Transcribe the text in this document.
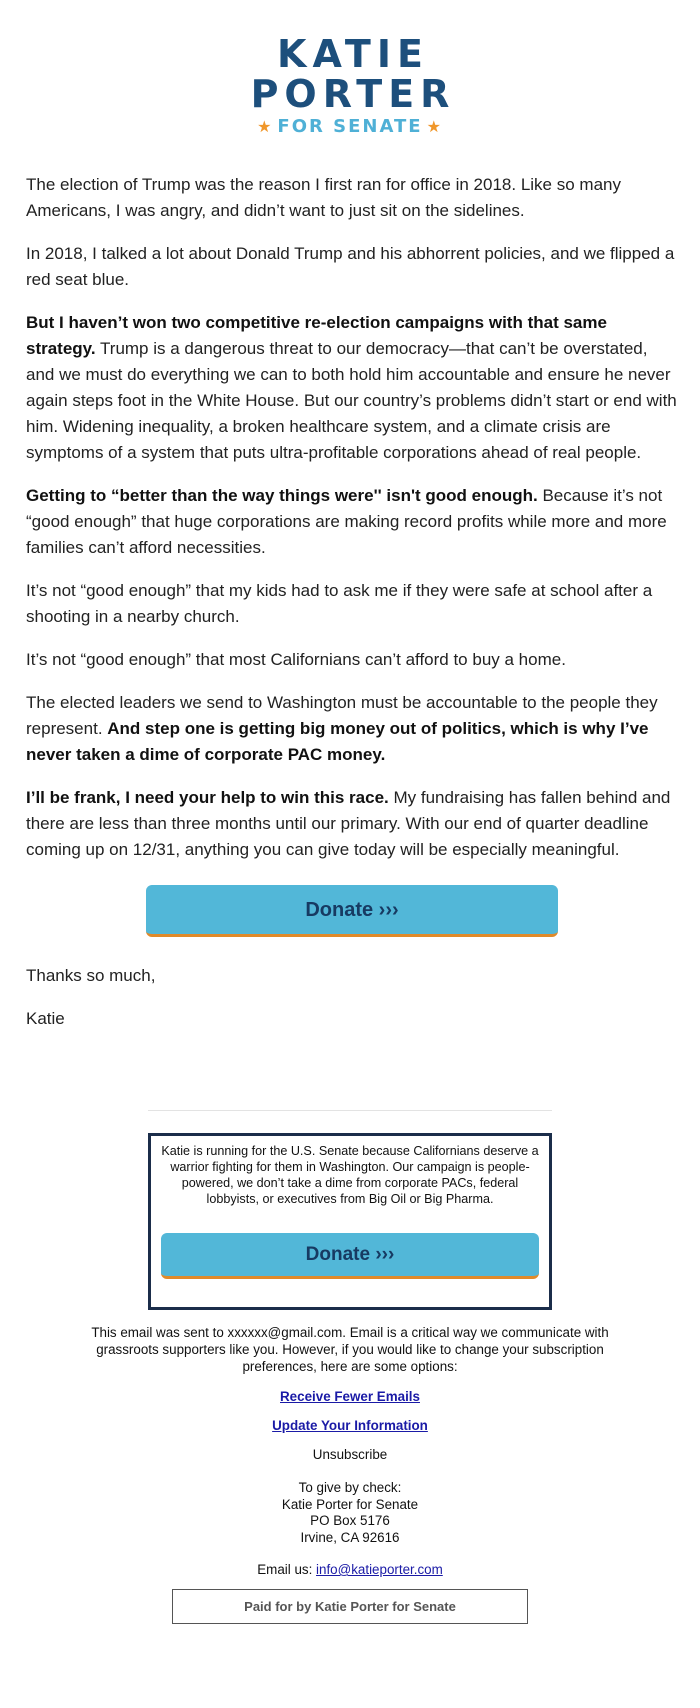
KATIE
PORTER
★ FOR SENATE ★

The election of Trump was the reason I first ran for office in 2018. Like so many Americans, I was angry, and didn’t want to just sit on the sidelines.

In 2018, I talked a lot about Donald Trump and his abhorrent policies, and we flipped a red seat blue.

But I haven’t won two competitive re-election campaigns with that same strategy. Trump is a dangerous threat to our democracy—that can’t be overstated, and we must do everything we can to both hold him accountable and ensure he never again steps foot in the White House. But our country’s problems didn’t start or end with him. Widening inequality, a broken healthcare system, and a climate crisis are symptoms of a system that puts ultra-profitable corporations ahead of real people.

Getting to “better than the way things were'' isn't good enough. Because it’s not “good enough” that huge corporations are making record profits while more and more families can’t afford necessities.

It’s not “good enough” that my kids had to ask me if they were safe at school after a shooting in a nearby church.

It’s not “good enough” that most Californians can’t afford to buy a home.

The elected leaders we send to Washington must be accountable to the people they represent. And step one is getting big money out of politics, which is why I’ve never taken a dime of corporate PAC money.

I’ll be frank, I need your help to win this race. My fundraising has fallen behind and there are less than three months until our primary. With our end of quarter deadline coming up on 12/31, anything you can give today will be especially meaningful.

Donate ›››

Thanks so much,

Katie

Katie is running for the U.S. Senate because Californians deserve a warrior fighting for them in Washington. Our campaign is people-powered, we don’t take a dime from corporate PACs, federal lobbyists, or executives from Big Oil or Big Pharma.

Donate ›››
This email was sent to xxxxxx@gmail.com. Email is a critical way we communicate with grassroots supporters like you. However, if you would like to change your subscription preferences, here are some options:
Receive Fewer Emails
Update Your Information
Unsubscribe
To give by check:
Katie Porter for Senate
PO Box 5176
Irvine, CA 92616
Email us: info@katieporter.com
Paid for by Katie Porter for Senate
